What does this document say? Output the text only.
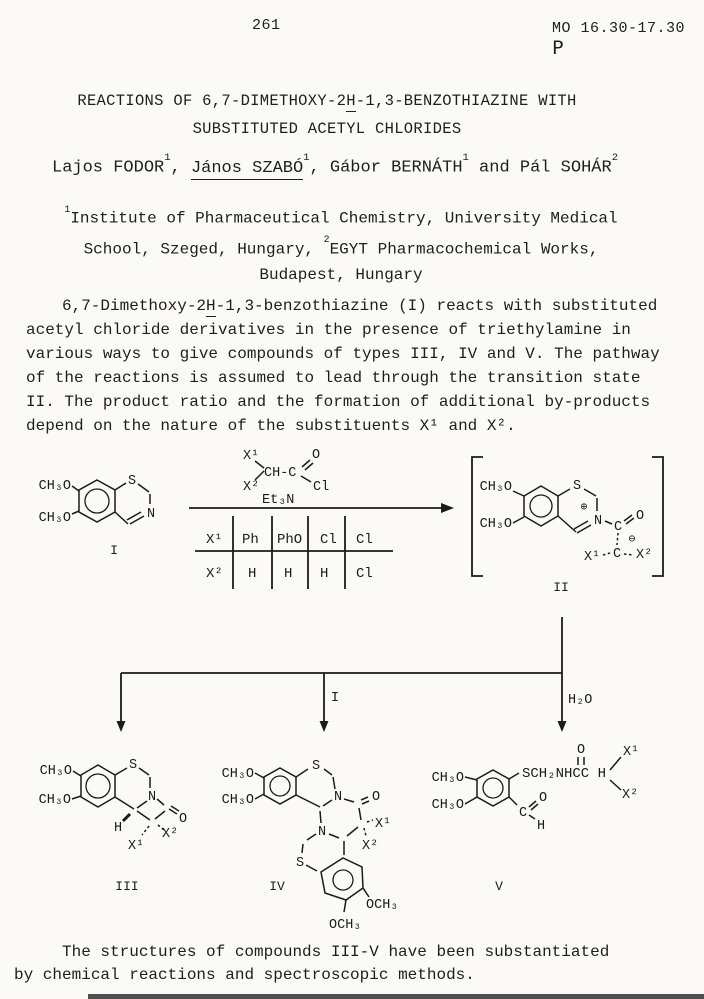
261	MO 16.30-17.30 P
REACTIONS OF 6,7-DIMETHOXY-2H-1,3-BENZOTHIAZINE WITH
SUBSTITUTED ACETYL CHLORIDES
Lajos FODOR$^1$, János SZABÓ$^1$, Gábor BERNÁTH$^1$ and Pál SOHÁR$^2$
$^1$Institute of Pharmaceutical Chemistry, University Medical
School, Szeged, Hungary, $^2$EGYT Pharmacochemical Works,
Budapest, Hungary
6,7-Dimethoxy-2H-1,3-benzothiazine (I) reacts with substituted
acetyl chloride derivatives in the presence of triethylamine in
various ways to give compounds of types III, IV and V. The pathway
of the reactions is assumed to lead through the transition state
II. The product ratio and the formation of additional by-products
depend on the nature of the substituents X¹ and X².
CH₃O
CH₃O
S
N
I
X¹
X²
CH-C
O
Cl
Et₃N
X¹ Ph PhO Cl Cl
X² H H H Cl
CH₃O
CH₃O
S
⊕
N C
O
⊖
C
X¹	X²
II
I	H₂O
CH₃O
CH₃O
S
N
H
O
X¹
X²
III
CH₃O
CH₃O
S
N O
X¹
X²
N
S
OCH₃
OCH₃
IV
CH₃O
CH₃O
SCH₂NHCC H
O	X¹
X²
C
O
H
V
The structures of compounds III-V have been substantiated
by chemical reactions and spectroscopic methods.
